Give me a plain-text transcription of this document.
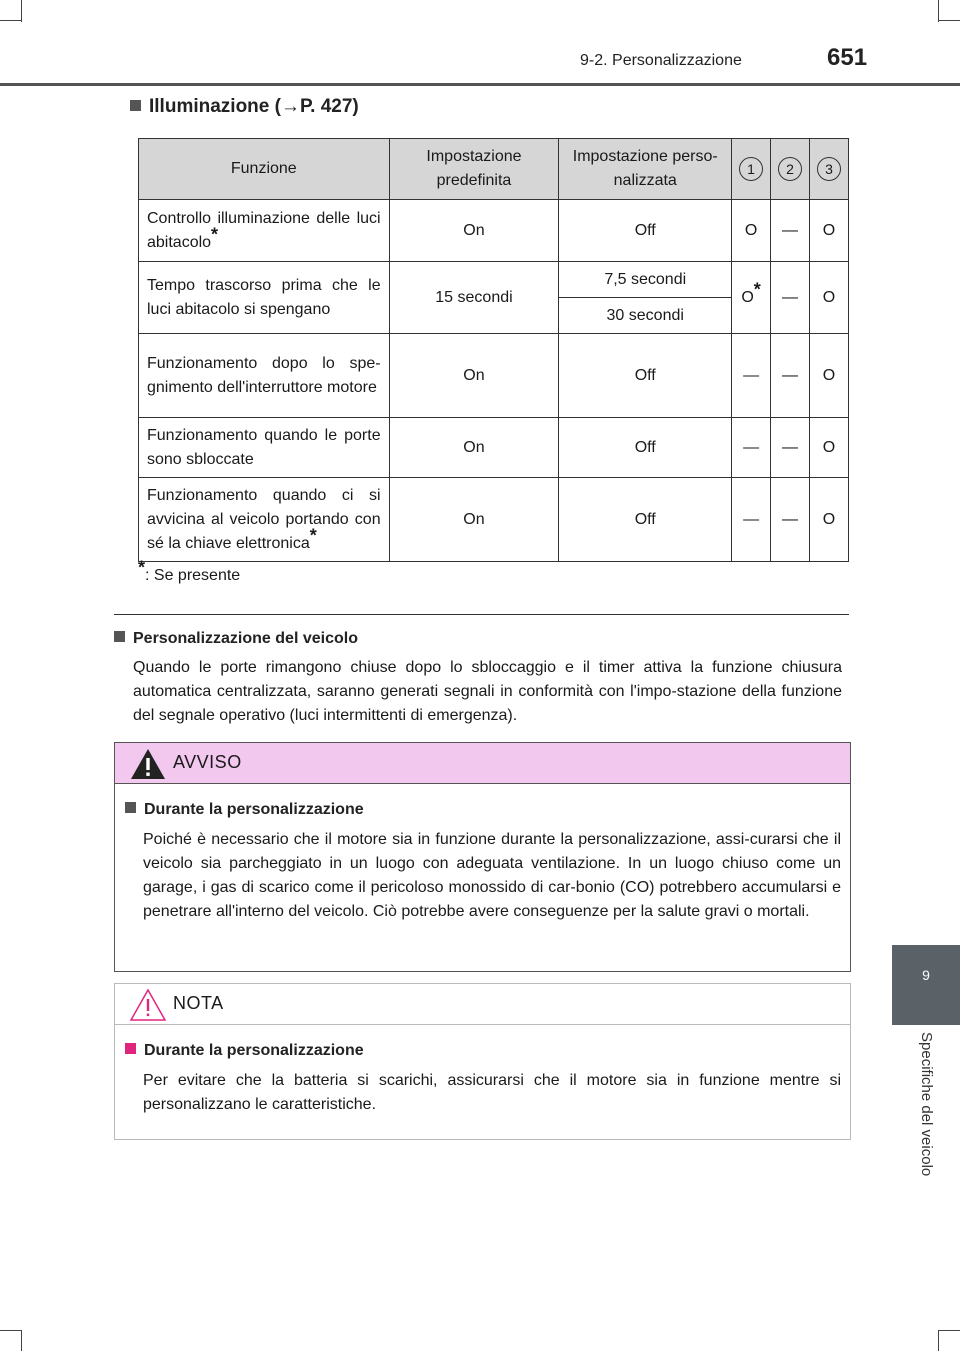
9-2. Personalizzazione	651
9
Specifiche del veicolo
Illuminazione (→P. 427)
Funzione	Impostazione predefinita	Impostazione perso-nalizzata	1	2	3
Controllo illuminazione delle luci abitacolo*	On	Off	O	—	O
Tempo trascorso prima che le luci abitacolo si spengano	15 secondi	7,5 secondi	O*	—	O
		30 secondi			
Funzionamento dopo lo spe-gnimento dell'interruttore motore	On	Off	—	—	O
Funzionamento quando le porte sono sbloccate	On	Off	—	—	O
Funzionamento quando ci si avvicina al veicolo portando con sé la chiave elettronica*	On	Off	—	—	O
*: Se presente
Personalizzazione del veicolo
Quando le porte rimangono chiuse dopo lo sbloccaggio e il timer attiva la funzione chiusura automatica centralizzata, saranno generati segnali in conformità con l'impo-stazione della funzione del segnale operativo (luci intermittenti di emergenza).
AVVISO
Durante la personalizzazione
Poiché è necessario che il motore sia in funzione durante la personalizzazione, assi-curarsi che il veicolo sia parcheggiato in un luogo con adeguata ventilazione. In un luogo chiuso come un garage, i gas di scarico come il pericoloso monossido di car-bonio (CO) potrebbero accumularsi e penetrare all'interno del veicolo. Ciò potrebbe avere conseguenze per la salute gravi o mortali.
NOTA
Durante la personalizzazione
Per evitare che la batteria si scarichi, assicurarsi che il motore sia in funzione mentre si personalizzano le caratteristiche.
